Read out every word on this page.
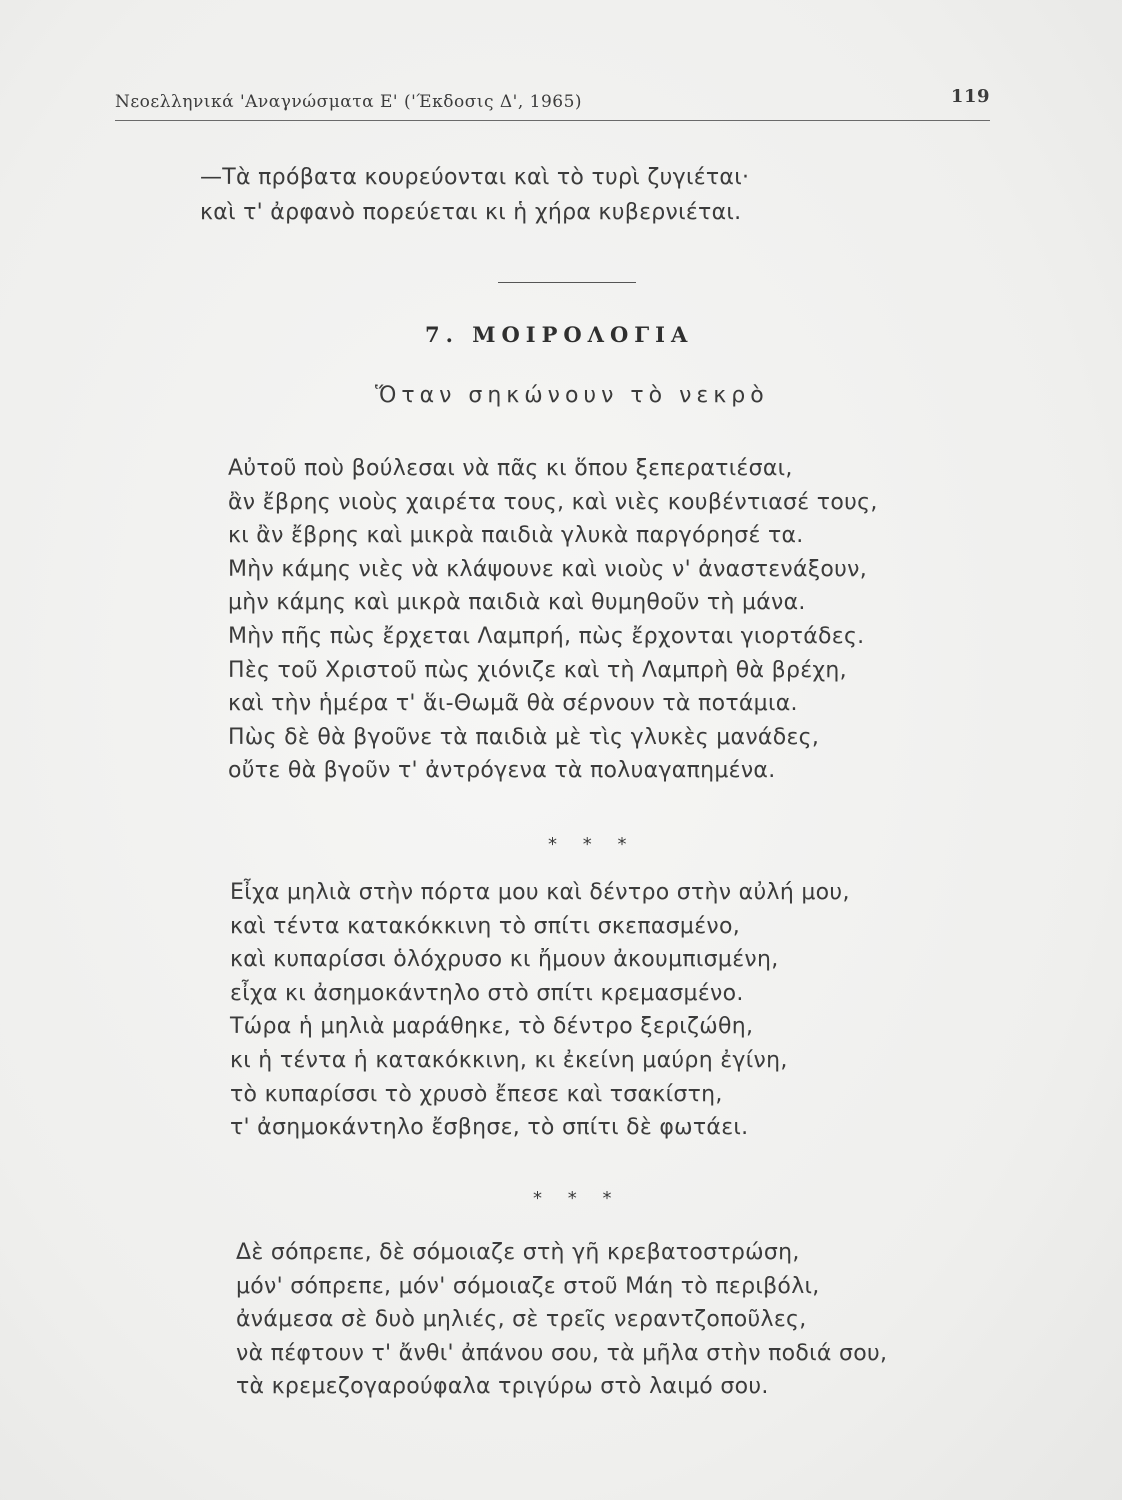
Νεοελληνικά 'Αναγνώσματα Ε' ('Έκδοσις Δ', 1965)	119
—Τὰ πρόβατα κουρεύονται καὶ τὸ τυρὶ ζυγιέται·
καὶ τ' ἀρφανὸ πορεύεται κι ἡ χήρα κυβερνιέται.
7. ΜΟΙΡΟΛΟΓΙΑ
Ὅταν σηκώνουν τὸ νεκρὸ
Αὐτοῦ ποὺ βούλεσαι νὰ πᾶς κι ὅπου ξεπερατιέσαι,
ἂν ἔβρης νιοὺς χαιρέτα τους, καὶ νιὲς κουβέντιασέ τους,
κι ἂν ἔβρης καὶ μικρὰ παιδιὰ γλυκὰ παργόρησέ τα.
Μὴν κάμης νιὲς νὰ κλάψουνε καὶ νιοὺς ν' ἀναστενάξουν,
μὴν κάμης καὶ μικρὰ παιδιὰ καὶ θυμηθοῦν τὴ μάνα.
Μὴν πῆς πὼς ἔρχεται Λαμπρή, πὼς ἔρχονται γιορτάδες.
Πὲς τοῦ Χριστοῦ πὼς χιόνιζε καὶ τὴ Λαμπρὴ θὰ βρέχη,
καὶ τὴν ἡμέρα τ' ἅι-Θωμᾶ θὰ σέρνουν τὰ ποτάμια.
Πὼς δὲ θὰ βγοῦνε τὰ παιδιὰ μὲ τὶς γλυκὲς μανάδες,
οὔτε θὰ βγοῦν τ' ἀντρόγενα τὰ πολυαγαπημένα.
* * *
Εἶχα μηλιὰ στὴν πόρτα μου καὶ δέντρο στὴν αὐλή μου,
καὶ τέντα κατακόκκινη τὸ σπίτι σκεπασμένο,
καὶ κυπαρίσσι ὁλόχρυσο κι ἤμουν ἀκουμπισμένη,
εἶχα κι ἀσημοκάντηλο στὸ σπίτι κρεμασμένο.
Τώρα ἡ μηλιὰ μαράθηκε, τὸ δέντρο ξεριζώθη,
κι ἡ τέντα ἡ κατακόκκινη, κι ἐκείνη μαύρη ἐγίνη,
τὸ κυπαρίσσι τὸ χρυσὸ ἔπεσε καὶ τσακίστη,
τ' ἀσημοκάντηλο ἔσβησε, τὸ σπίτι δὲ φωτάει.
* * *
Δὲ σόπρεπε, δὲ σόμοιαζε στὴ γῆ κρεβατοστρώση,
μόν' σόπρεπε, μόν' σόμοιαζε στοῦ Μάη τὸ περιβόλι,
ἀνάμεσα σὲ δυὸ μηλιές, σὲ τρεῖς νεραντζοποῦλες,
νὰ πέφτουν τ' ἄνθι' ἀπάνου σου, τὰ μῆλα στὴν ποδιά σου,
τὰ κρεμεζογαρούφαλα τριγύρω στὸ λαιμό σου.
